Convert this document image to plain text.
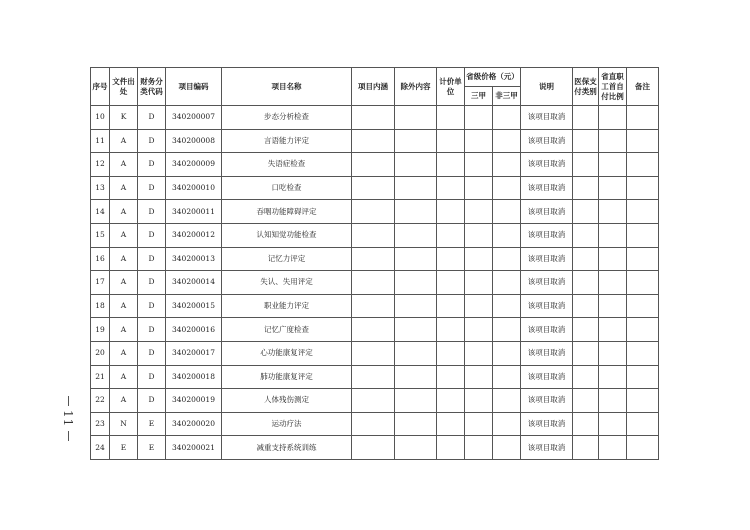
11
序号	文件出处	财务分类代码	项目编码	项目名称	项目内涵	除外内容	计价单位	省级价格（元）		说明	医保支付类别	省直职工首自付比例	备注
								三甲	非三甲				
10	K	D	340200007	步态分析检查						该项目取消			
11	A	D	340200008	言语能力评定						该项目取消			
12	A	D	340200009	失语症检查						该项目取消			
13	A	D	340200010	口吃检查						该项目取消			
14	A	D	340200011	吞咽功能障碍评定						该项目取消			
15	A	D	340200012	认知知觉功能检查						该项目取消			
16	A	D	340200013	记忆力评定						该项目取消			
17	A	D	340200014	失认、失用评定						该项目取消			
18	A	D	340200015	职业能力评定						该项目取消			
19	A	D	340200016	记忆广度检查						该项目取消			
20	A	D	340200017	心功能康复评定						该项目取消			
21	A	D	340200018	肺功能康复评定						该项目取消			
22	A	D	340200019	人体残伤测定						该项目取消			
23	N	E	340200020	运动疗法						该项目取消			
24	E	E	340200021	减重支持系统训练						该项目取消			
